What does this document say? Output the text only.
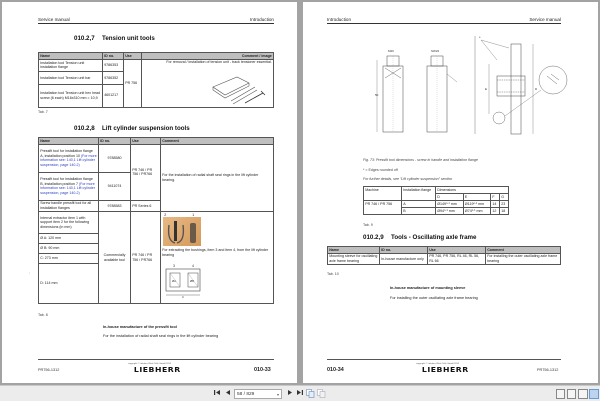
Service manual	Introduction
010.2,7 Tension unit tools
Name	ID no.	Use	Comment / image
Installation tool Tension unit installation flange	9786353	PR 756	For removal / installation of tension unit - track tensioner essential.

Installation tool Tension unit bar	9786352		
Installation tool Tension unit hex head screw (6 each) M16x310 mm = 10,9	4601217		
Tab. 7
010.2,8 Lift cylinder suspension tools
Name	ID no.	Use	Comment
Pressfit tool for installation flange A, installation position 10 (For more information see: 140,1 Lift cylinder suspension, page 140-2)	9788580	PR 746 / PR 756 / PR766	For the installation of radial shaft seal rings in the lift cylinder bearing.
Pressfit tool for installation flange B, installation position 7 (For more information see: 140,1 Lift cylinder suspension, page 140-2)	9411074		
Screw handle pressfit tool for all installation flanges	9788583	PR Series 6	
Internal extractor item 1 with support item 2 for the following dimensions (in mm)	Commercially available tool	PR 746 / PR 756 / PR766	
2	1
For extracting the bushings, item 3 and item 4, from the lift cylinder bearing
3	4
ØA	ØB
C

Ø A: 120 mm			
Ø B: 90 mm			
C: 273 mm			
D: 114 mm			
Tab. 8
In-house manufacture of the pressfit tool
For the installation of radial shaft seal rings in the lift cylinder bearing
—
PR756-1312
copyright © Liebherr-Werk Telfs GmbH 2013
LIEBHERR	010-33
Introduction	Service manual
M20
50
SW22
E	D
*
Fig. 73: Pressfit tool dimensions - screw in handle and installation flange
* = Edges rounded off
For further details, see "Lift cylinder suspension" section
Machine	Installation flange	Dimensions			
		D	E	F	G
PR 746 / PR 756	A	Ø149⁰⋅¹ mm	Ø119⁰⋅¹ mm	14	23
	B	Ø94⁰⋅¹ mm	Ø74⁰⋅¹ mm	12	18
Tab. 9
010.2,9 Tools - Oscillating axle frame
Name	ID no.	Use	Comment
Mounting sleeve for oscillating axle frame bearing	In-house manufacture only	PR 746, PR 756, RL 46, RL 56, RL 66	For installing the outer oscillating axle frame bearing
Tab. 10
In-house manufacture of mounting sleeve
For installing the outer oscillating axle frame bearing
010-34
copyright © Liebherr-Werk Telfs GmbH 2013
LIEBHERR	PR756-1312
58 / 829	▾
